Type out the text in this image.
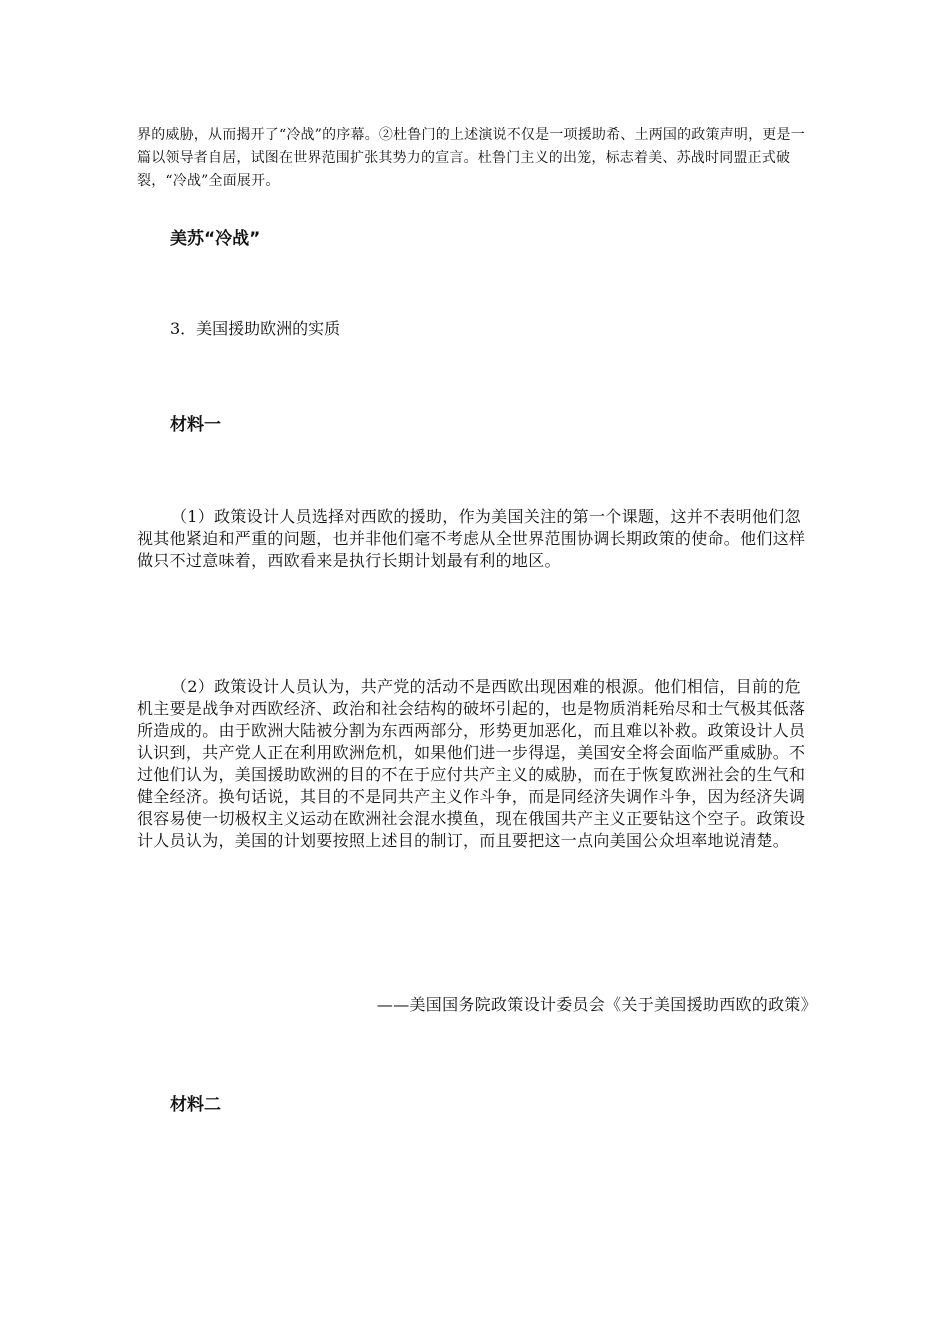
界的威胁，从而揭开了“冷战”的序幕。②杜鲁门的上述演说不仅是一项援助希、土两国的政策声明，更是一篇以领导者自居，试图在世界范围扩张其势力的宣言。杜鲁门主义的出笼，标志着美、苏战时同盟正式破裂，“冷战”全面展开。

美苏“冷战”

3．美国援助欧洲的实质

材料一

（1）政策设计人员选择对西欧的援助，作为美国关注的第一个课题，这并不表明他们忽视其他紧迫和严重的问题，也并非他们毫不考虑从全世界范围协调长期政策的使命。他们这样做只不过意味着，西欧看来是执行长期计划最有利的地区。

（2）政策设计人员认为，共产党的活动不是西欧出现困难的根源。他们相信，目前的危机主要是战争对西欧经济、政治和社会结构的破坏引起的，也是物质消耗殆尽和士气极其低落所造成的。由于欧洲大陆被分割为东西两部分，形势更加恶化，而且难以补救。政策设计人员认识到，共产党人正在利用欧洲危机，如果他们进一步得逞，美国安全将会面临严重威胁。不过他们认为，美国援助欧洲的目的不在于应付共产主义的威胁，而在于恢复欧洲社会的生气和健全经济。换句话说，其目的不是同共产主义作斗争，而是同经济失调作斗争，因为经济失调很容易使一切极权主义运动在欧洲社会混水摸鱼，现在俄国共产主义正要钻这个空子。政策设计人员认为，美国的计划要按照上述目的制订，而且要把这一点向美国公众坦率地说清楚。

——美国国务院政策设计委员会《关于美国援助西欧的政策》

材料二
